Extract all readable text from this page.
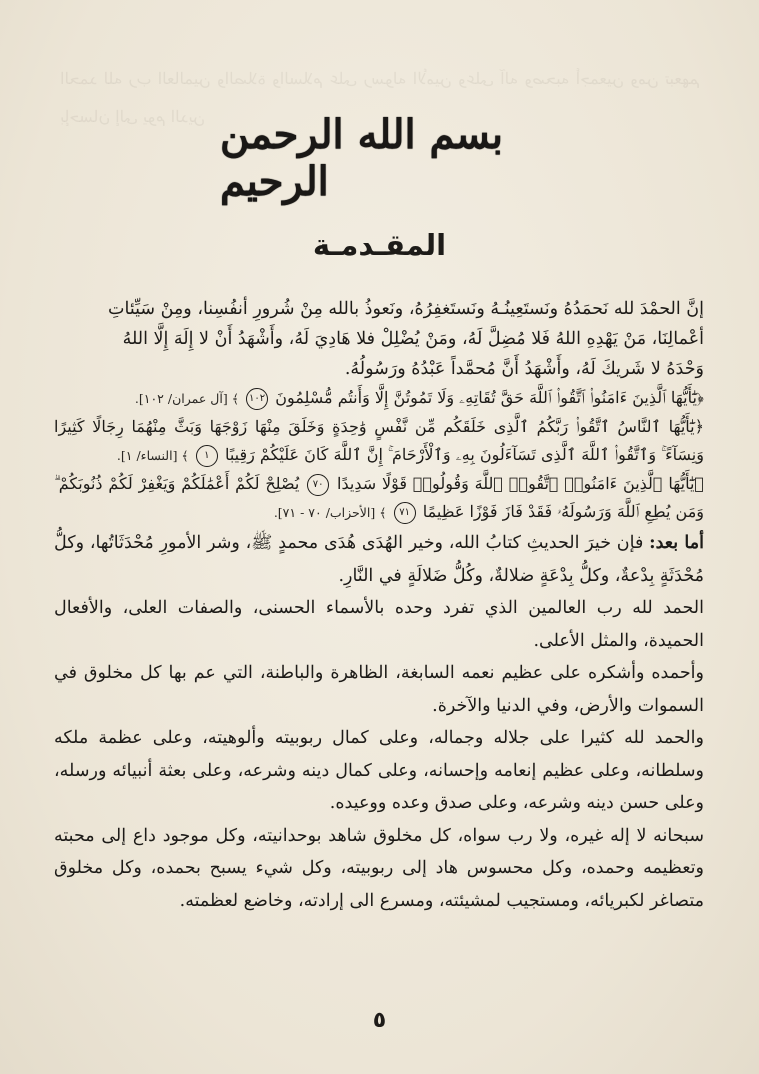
الحمد لله رب العالمين والصلاة والسلام على رسوله الأمين وعلى آله وصحبه أجمعين ومن تبعهم بإحسان إلى يوم الدين بسم الله الرحمن الرحيم
المقـدمـة

إنَّ الحمْدَ لله نَحمَدُهُ ونَستَعِينُـهُ ونَستَغفِرُهُ، ونَعوذُ بالله مِنْ شُرورِ أنفُسِنا، ومِنْ سَيِّئاتِ

أعْمالِنَا، مَنْ يَهْدِهِ اللهُ فَلا مُضِلَّ لَهُ، ومَنْ يُضْلِلْ فلا هَادِيَ لَهُ، وأَشْهَدُ أَنْ لا إِلَهَ إِلَّا اللهُ

وَحْدَهُ لا شَريكَ لَهُ، وأَشْهَدُ أَنَّ مُحمَّداً عَبْدُهُ ورَسُولُهُ.

﴿يَٰٓأَيُّهَا ٱلَّذِينَ ءَامَنُوا۟ ٱتَّقُوا۟ ٱللَّهَ حَقَّ تُقَاتِهِۦ وَلَا تَمُوتُنَّ إِلَّا وَأَنتُم مُّسْلِمُونَ ١٠٢ ﴾ [آل عمران/ ١٠٢].

﴿يَٰٓأَيُّهَا ٱلنَّاسُ ٱتَّقُوا۟ رَبَّكُمُ ٱلَّذِى خَلَقَكُم مِّن نَّفْسٍ وَٰحِدَةٍ وَخَلَقَ مِنْهَا زَوْجَهَا وَبَثَّ مِنْهُمَا رِجَالًا كَثِيرًا وَنِسَآءً ۚ وَٱتَّقُوا۟ ٱللَّهَ ٱلَّذِى تَسَآءَلُونَ بِهِۦ وَٱلْأَرْحَامَ ۚ إِنَّ ٱللَّهَ كَانَ عَلَيْكُمْ رَقِيبًا ١ ﴾ [النساء/ ١].

﴿يَٰٓأَيُّهَا ٱلَّذِينَ ءَامَنُوا۟ ٱتَّقُوا۟ ٱللَّهَ وَقُولُوا۟ قَوْلًا سَدِيدًا ٧٠ يُصْلِحْ لَكُمْ أَعْمَٰلَكُمْ وَيَغْفِرْ لَكُمْ ذُنُوبَكُمْ ۗ وَمَن يُطِعِ ٱللَّهَ وَرَسُولَهُۥ فَقَدْ فَازَ فَوْزًا عَظِيمًا ٧١ ﴾ [الأحزاب/ ٧٠ - ٧١].

أما بعد: فإن خيرَ الحديثِ كتابُ الله، وخير الهُدَى هُدَى محمدٍ ﷺ، وشر الأمورِ مُحْدَثَاتُها، وكلُّ مُحْدَثَةٍ بِدْعةٌ، وكلُّ بِدْعَةٍ ضلالةٌ، وكُلُّ ضَلالَةٍ في النَّارِ.

الحمد لله رب العالمين الذي تفرد وحده بالأسماء الحسنى، والصفات العلى، والأفعال الحميدة، والمثل الأعلى.

وأحمده وأشكره على عظيم نعمه السابغة، الظاهرة والباطنة، التي عم بها كل مخلوق في السموات والأرض، وفي الدنيا والآخرة.

والحمد لله كثيرا على جلاله وجماله، وعلى كمال ربوبيته وألوهيته، وعلى عظمة ملكه وسلطانه، وعلى عظيم إنعامه وإحسانه، وعلى كمال دينه وشرعه، وعلى بعثة أنبيائه ورسله، وعلى حسن دينه وشرعه، وعلى صدق وعده ووعيده.

سبحانه لا إله غيره، ولا رب سواه، كل مخلوق شاهد بوحدانيته، وكل موجود داع إلى محبته وتعظيمه وحمده، وكل محسوس هاد إلى ربوبيته، وكل شيء يسبح بحمده، وكل مخلوق متصاغر لكبريائه، ومستجيب لمشيئته، ومسرع الى إرادته، وخاضع لعظمته.

٥
